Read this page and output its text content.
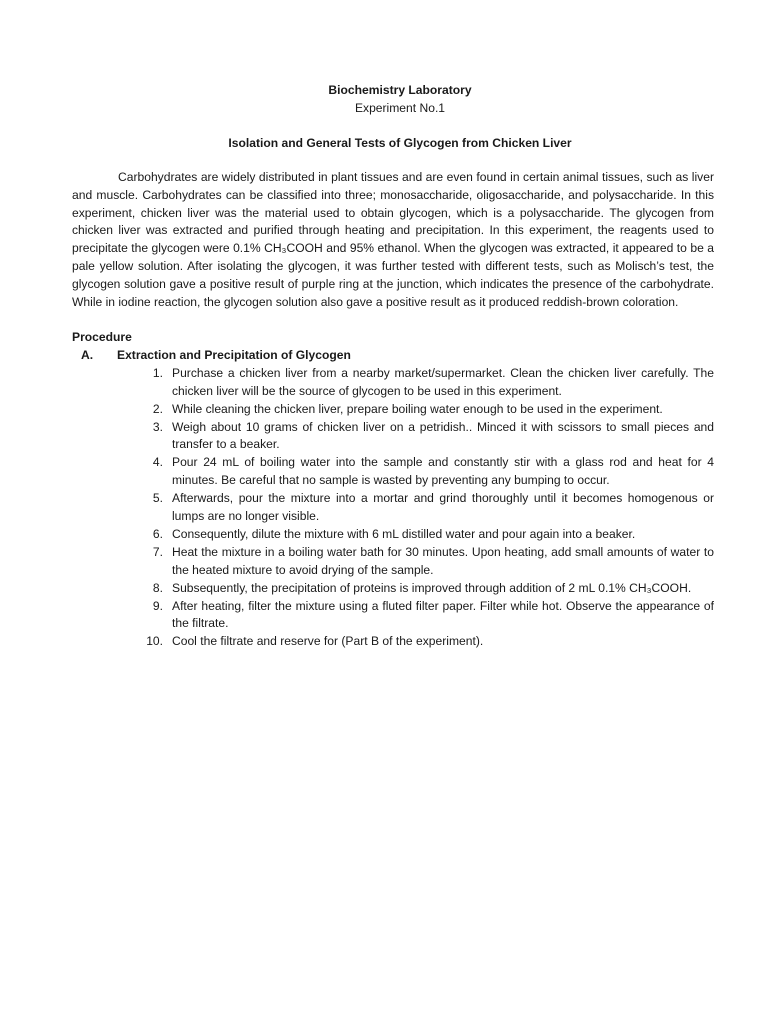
Biochemistry Laboratory
Experiment No.1
Isolation and General Tests of Glycogen from Chicken Liver

Carbohydrates are widely distributed in plant tissues and are even found in certain animal tissues, such as liver and muscle. Carbohydrates can be classified into three; monosaccharide, oligosaccharide, and polysaccharide. In this experiment, chicken liver was the material used to obtain glycogen, which is a polysaccharide. The glycogen from chicken liver was extracted and purified through heating and precipitation. In this experiment, the reagents used to precipitate the glycogen were 0.1% CH₃COOH and 95% ethanol. When the glycogen was extracted, it appeared to be a pale yellow solution. After isolating the glycogen, it was further tested with different tests, such as Molisch’s test, the glycogen solution gave a positive result of purple ring at the junction, which indicates the presence of the carbohydrate. While in iodine reaction, the glycogen solution also gave a positive result as it produced reddish-brown coloration.

Procedure
A.	Extraction and Precipitation of Glycogen
1. Purchase a chicken liver from a nearby market/supermarket. Clean the chicken liver carefully. The chicken liver will be the source of glycogen to be used in this experiment.
2. While cleaning the chicken liver, prepare boiling water enough to be used in the experiment.
3. Weigh about 10 grams of chicken liver on a petridish.. Minced it with scissors to small pieces and transfer to a beaker.
4. Pour 24 mL of boiling water into the sample and constantly stir with a glass rod and heat for 4 minutes. Be careful that no sample is wasted by preventing any bumping to occur.
5. Afterwards, pour the mixture into a mortar and grind thoroughly until it becomes homogenous or lumps are no longer visible.
6. Consequently, dilute the mixture with 6 mL distilled water and pour again into a beaker.
7. Heat the mixture in a boiling water bath for 30 minutes. Upon heating, add small amounts of water to the heated mixture to avoid drying of the sample.
8. Subsequently, the precipitation of proteins is improved through addition of 2 mL 0.1% CH₃COOH.
9. After heating, filter the mixture using a fluted filter paper. Filter while hot. Observe the appearance of the filtrate.
10. Cool the filtrate and reserve for (Part B of the experiment).
